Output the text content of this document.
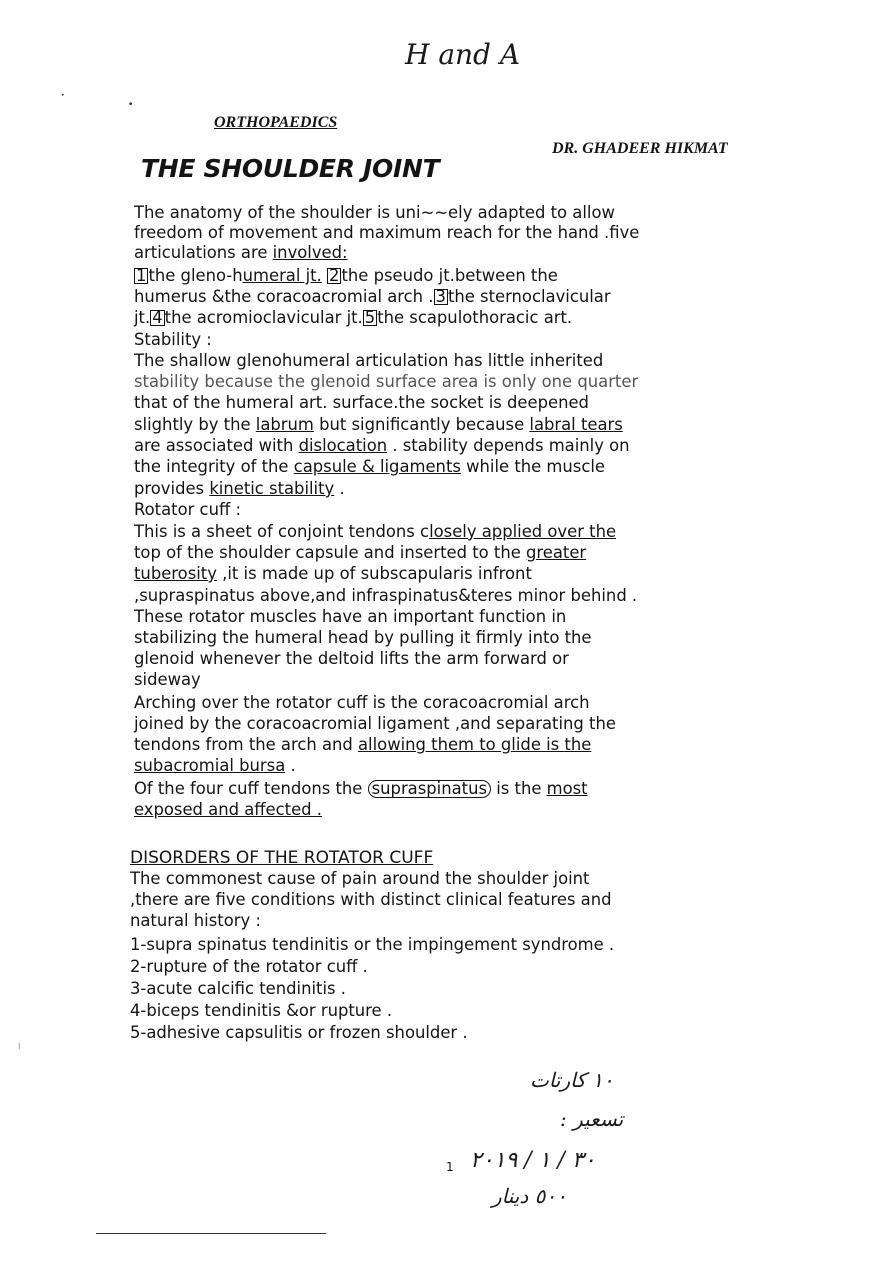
H and A
ORTHOPAEDICS
DR. GHADEER HIKMAT
THE SHOULDER JOINT
•
•
⁝
The anatomy of the shoulder is uni~~ely adapted to allow
freedom of movement and maximum reach for the hand .five
articulations are involved:
1 the gleno-humeral jt. 2 the pseudo jt.between the
humerus &the coracoacromial arch . 3 the sternoclavicular
jt. 4 the acromioclavicular jt. 5 the scapulothoracic art.
Stability :
The shallow glenohumeral articulation has little inherited
stability because the glenoid surface area is only one quarter
that of the humeral art. surface.the socket is deepened
slightly by the labrum but significantly because labral tears
are associated with dislocation . stability depends mainly on
the integrity of the capsule & ligaments while the muscle
provides kinetic stability .
Rotator cuff :
This is a sheet of conjoint tendons closely applied over the
top of the shoulder capsule and inserted to the greater
tuberosity ,it is made up of subscapularis infront
,supraspinatus above,and infraspinatus&teres minor behind .
These rotator muscles have an important function in
stabilizing the humeral head by pulling it firmly into the
glenoid whenever the deltoid lifts the arm forward or
sideway
Arching over the rotator cuff is the coracoacromial arch
joined by the coracoacromial ligament ,and separating the
tendons from the arch and allowing them to glide is the
subacromial bursa .
Of the four cuff tendons the supraspinatus is the most
exposed and affected .
DISORDERS OF THE ROTATOR CUFF
The commonest cause of pain around the shoulder joint
,there are five conditions with distinct clinical features and
natural history :
1-supra spinatus tendinitis or the impingement syndrome .
2-rupture of the rotator cuff .
3-acute calcific tendinitis .
4-biceps tendinitis &or rupture .
5-adhesive capsulitis or frozen shoulder .
1
١٠ كارتات
تسعير :
٣٠ / ١ / ٢٠١٩
٥٠٠ دينار
